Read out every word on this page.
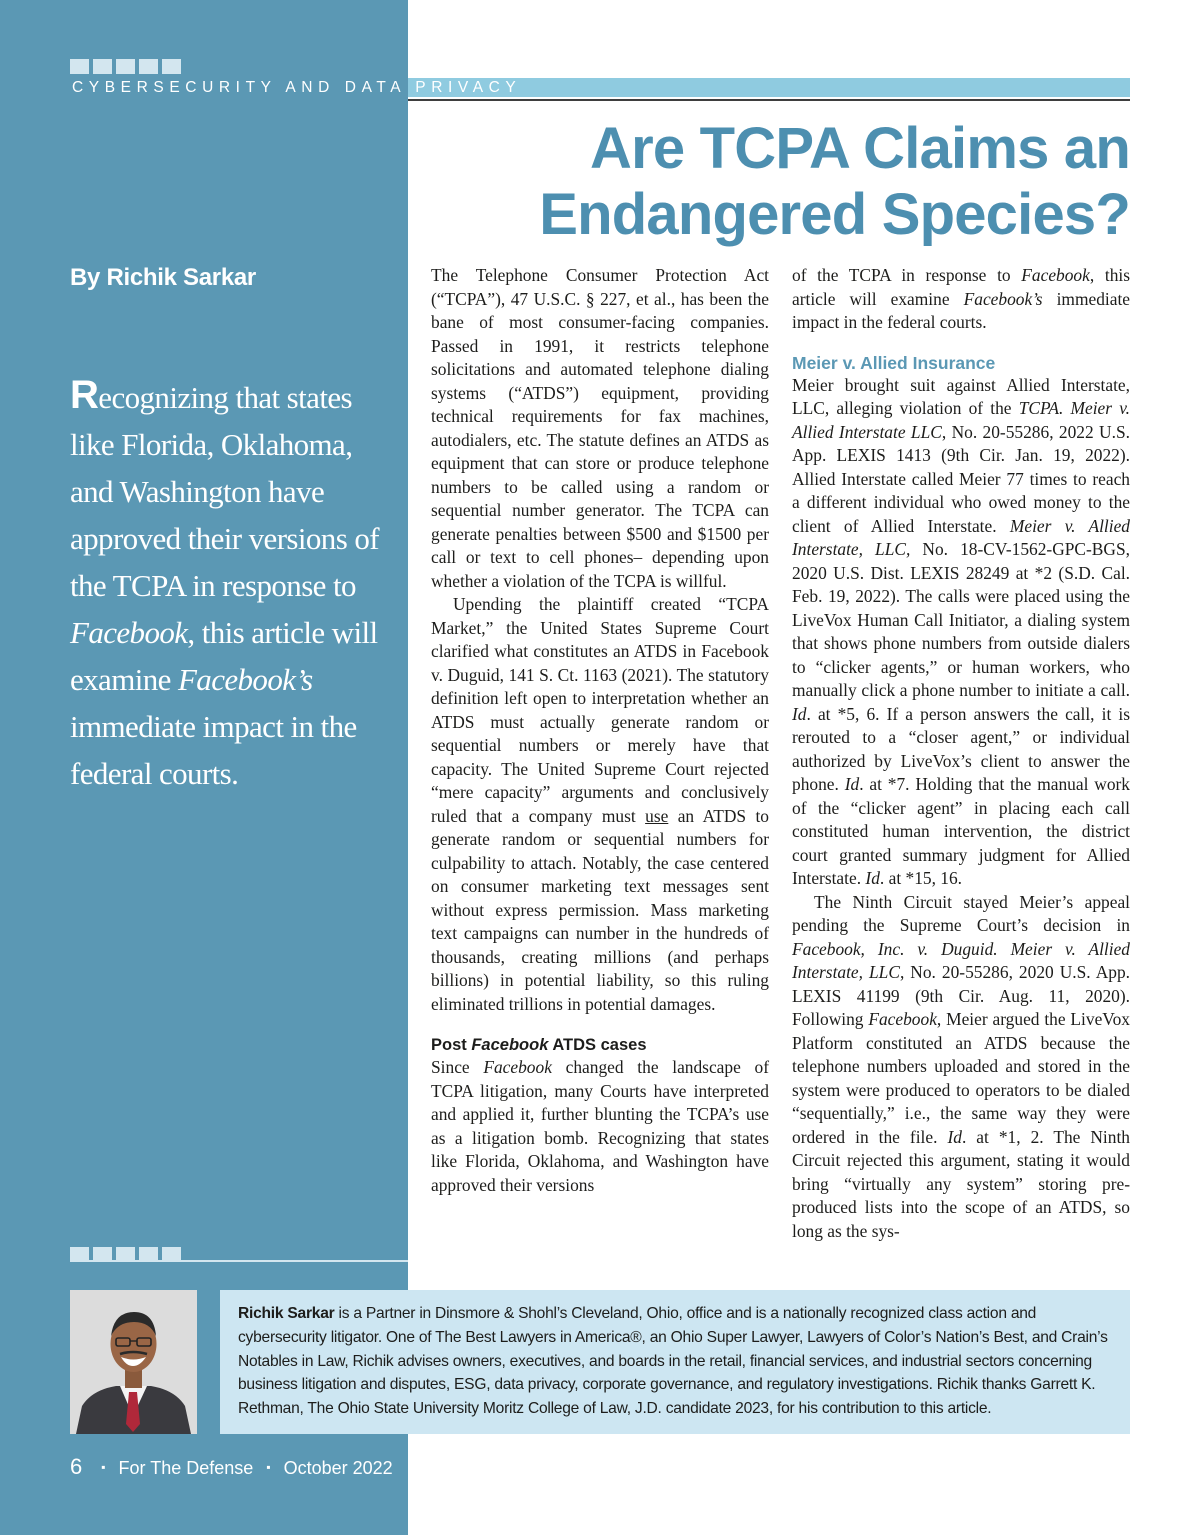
CYBERSECURITY AND DATA PRIVACY
Are TCPA Claims an
Endangered Species?
By Richik Sarkar
Recognizing that states like Florida, Oklahoma, and Washington have approved their versions of the TCPA in response to Facebook, this article will examine Facebook’s immediate impact in the federal courts.

The Telephone Consumer Protection Act (“TCPA”), 47 U.S.C. § 227, et al., has been the bane of most consumer-facing companies. Passed in 1991, it restricts telephone solicitations and automated telephone dialing systems (“ATDS”) equipment, providing technical requirements for fax machines, autodialers, etc. The statute defines an ATDS as equipment that can store or produce telephone numbers to be called using a random or sequential number generator. The TCPA can generate penalties between $500 and $1500 per call or text to cell phones– depending upon whether a violation of the TCPA is willful.

Upending the plaintiff created “TCPA Market,” the United States Supreme Court clarified what constitutes an ATDS in Facebook v. Duguid, 141 S. Ct. 1163 (2021). The statutory definition left open to interpretation whether an ATDS must actually generate random or sequential numbers or merely have that capacity. The United Supreme Court rejected “mere capacity” arguments and conclusively ruled that a company must use an ATDS to generate random or sequential numbers for culpability to attach. Notably, the case centered on consumer marketing text messages sent without express permission. Mass marketing text campaigns can number in the hundreds of thousands, creating millions (and perhaps billions) in potential liability, so this ruling eliminated trillions in potential damages.

Post Facebook ATDS cases

Since Facebook changed the landscape of TCPA litigation, many Courts have interpreted and applied it, further blunting the TCPA’s use as a litigation bomb. Recognizing that states like Florida, Oklahoma, and Washington have approved their versions

of the TCPA in response to Facebook, this article will examine Facebook’s immediate impact in the federal courts.

Meier v. Allied Insurance

Meier brought suit against Allied Interstate, LLC, alleging violation of the TCPA. Meier v. Allied Interstate LLC, No. 20-55286, 2022 U.S. App. LEXIS 1413 (9th Cir. Jan. 19, 2022). Allied Interstate called Meier 77 times to reach a different individual who owed money to the client of Allied Interstate. Meier v. Allied Interstate, LLC, No. 18-CV-1562-GPC-BGS, 2020 U.S. Dist. LEXIS 28249 at *2 (S.D. Cal. Feb. 19, 2022). The calls were placed using the LiveVox Human Call Initiator, a dialing system that shows phone numbers from outside dialers to “clicker agents,” or human workers, who manually click a phone number to initiate a call. Id. at *5, 6. If a person answers the call, it is rerouted to a “closer agent,” or individual authorized by LiveVox’s client to answer the phone. Id. at *7. Holding that the manual work of the “clicker agent” in placing each call constituted human intervention, the district court granted summary judgment for Allied Interstate. Id. at *15, 16.

The Ninth Circuit stayed Meier’s appeal pending the Supreme Court’s decision in Facebook, Inc. v. Duguid. Meier v. Allied Interstate, LLC, No. 20-55286, 2020 U.S. App. LEXIS 41199 (9th Cir. Aug. 11, 2020). Following Facebook, Meier argued the LiveVox Platform constituted an ATDS because the telephone numbers uploaded and stored in the system were produced to operators to be dialed “sequentially,” i.e., the same way they were ordered in the file. Id. at *1, 2. The Ninth Circuit rejected this argument, stating it would bring “virtually any system” storing pre-produced lists into the scope of an ATDS, so long as the sys-

Richik Sarkar is a Partner in Dinsmore & Shohl’s Cleveland, Ohio, office and is a nationally recognized class action and cybersecurity litigator. One of The Best Lawyers in America®, an Ohio Super Lawyer, Lawyers of Color’s Nation’s Best, and Crain’s Notables in Law, Richik advises owners, executives, and boards in the retail, financial services, and industrial sectors concerning business litigation and disputes, ESG, data privacy, corporate governance, and regulatory investigations. Richik thanks Garrett K. Rethman, The Ohio State University Moritz College of Law, J.D. candidate 2023, for his contribution to this article.
6 ▪ For The Defense ▪ October 2022
